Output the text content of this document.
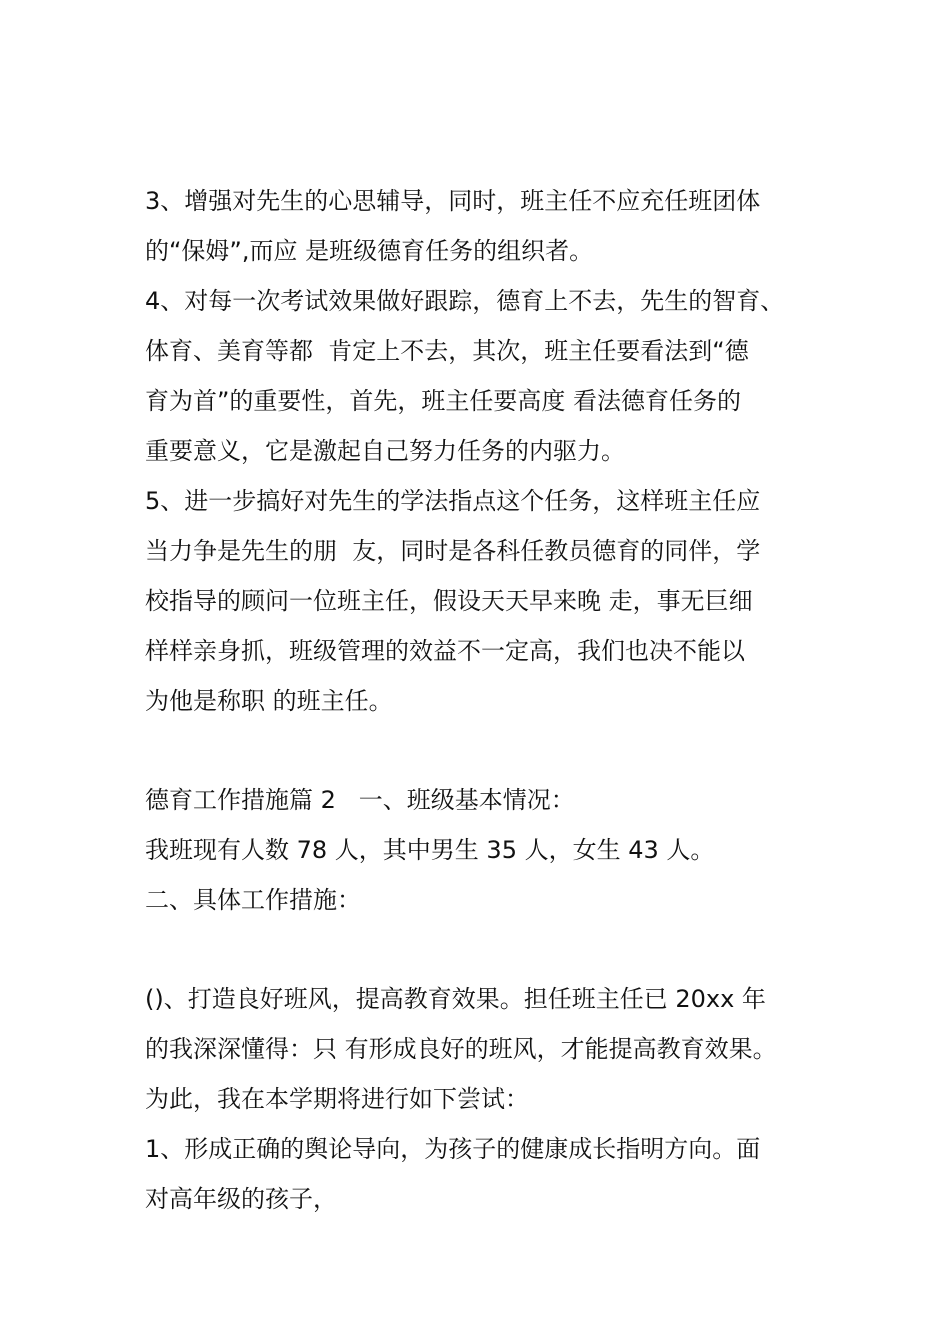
3、增强对先生的心思辅导，同时，班主任不应充任班团体
的“保姆”,而应 是班级德育任务的组织者。
4、对每一次考试效果做好跟踪，德育上不去，先生的智育、
体育、美育等都  肯定上不去，其次，班主任要看法到“德
育为首”的重要性，首先，班主任要高度 看法德育任务的
重要意义，它是激起自己努力任务的内驱力。
5、进一步搞好对先生的学法指点这个任务，这样班主任应
当力争是先生的朋  友，同时是各科任教员德育的同伴，学
校指导的顾问一位班主任，假设天天早来晚 走，事无巨细
样样亲身抓，班级管理的效益不一定高，我们也决不能以
为他是称职 的班主任。
德育工作措施篇 2   一、班级基本情况：
我班现有人数 78 人，其中男生 35 人，女生 43 人。
二、具体工作措施：
()、打造良好班风，提高教育效果。担任班主任已 20xx 年
的我深深懂得：只 有形成良好的班风，才能提高教育效果。
为此，我在本学期将进行如下尝试：
1、形成正确的舆论导向，为孩子的健康成长指明方向。面
对高年级的孩子，
